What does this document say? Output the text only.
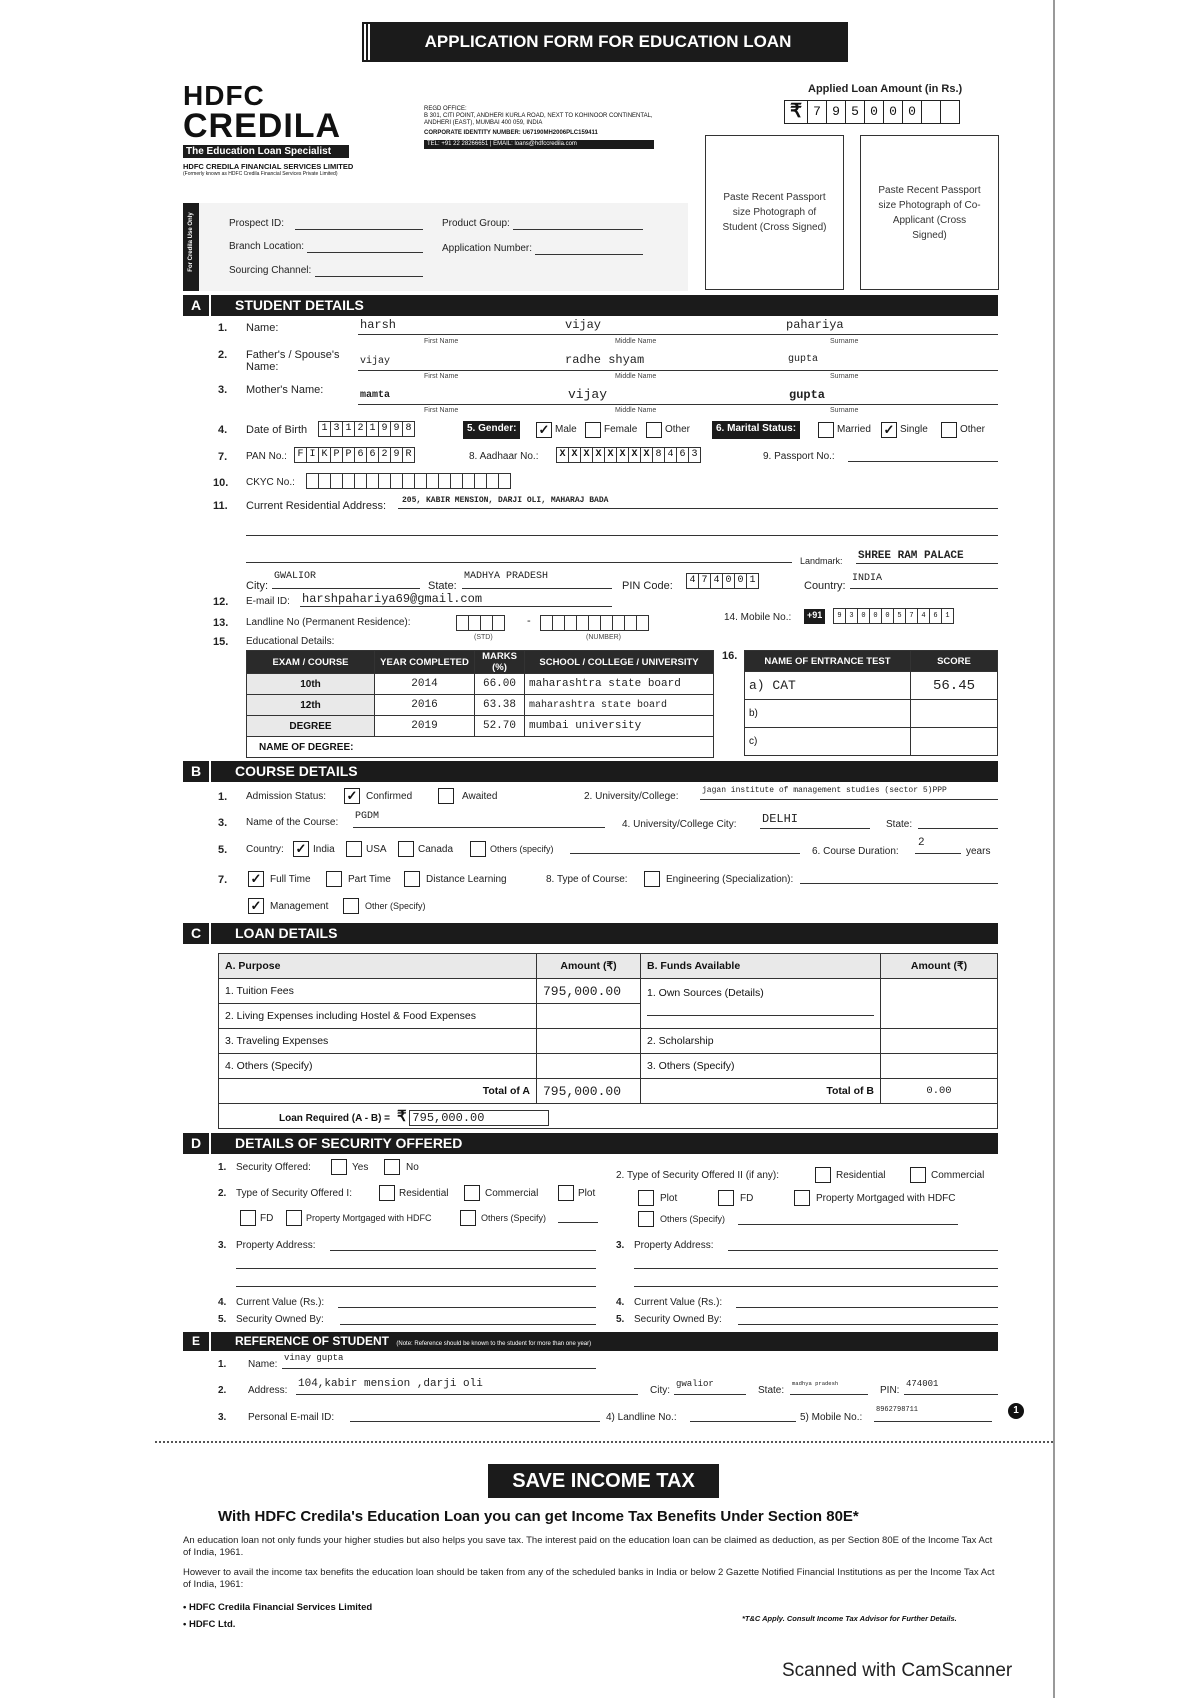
APPLICATION FORM FOR EDUCATION LOAN
HDFC
CREDILA
The Education Loan Specialist
HDFC CREDILA FINANCIAL SERVICES LIMITED
(Formerly known as HDFC Credila Financial Services Private Limited)
REGD OFFICE:
B 301, CITI POINT, ANDHERI KURLA ROAD, NEXT TO KOHINOOR CONTINENTAL, ANDHERI (EAST), MUMBAI 400 059, INDIA
CORPORATE IDENTITY NUMBER: U67190MH2006PLC159411
TEL: +91 22 28266651 | EMAIL: loans@hdfccredila.com
Applied Loan Amount (in Rs.)
₹ 7 9 5 0 0 0
Paste Recent Passport size Photograph of Student (Cross Signed)
Paste Recent Passport size Photograph of Co-Applicant (Cross Signed)
For Credila Use Only	Prospect ID:	Product Group:
Branch Location:	Application Number:
Sourcing Channel:
A STUDENT DETAILS
1. Name:	harsh	vijay	pahariya
First Name	Middle Name	Surname
2. Father's / Spouse's Name:	vijay	radhe shyam	gupta
First Name	Middle Name	Surname
3. Mother's Name:	mamta	vijay	gupta
First Name	Middle Name	Surname
4. Date of Birth	1 3 1 2 1 9 9 8	5. Gender:	✓ Male	Female	Other	6. Marital Status:	Married ✓ Single	Other
7. PAN No.:	F I K P P 6 6 2 9 R	8. Aadhaar No.:	X X X X X X X X 8 4 6 3	9. Passport No.:
10. CKYC No.:
11. Current Residential Address: 205, KABIR MENSION, DARJI OLI, MAHARAJ BADA
Landmark: SHREE RAM PALACE
City:
GWALIOR
State:
MADHYA PRADESH
PIN Code:	4 7 4 0 0 1	Country:
INDIA
12. E-mail ID: harshpahariya69@gmail.com
13. Landline No (Permanent Residence):	-
(STD)	(NUMBER)
14. Mobile No.:	+91	9	3	0	0	0	5	7	4	6	1
15. Educational Details:
EXAM / COURSE	YEAR COMPLETED	MARKS (%)	SCHOOL / COLLEGE / UNIVERSITY
10th	2014	66.00	maharashtra state board
12th	2016	63.38	maharashtra state board
DEGREE	2019	52.70	mumbai university
NAME OF DEGREE:			
16.	NAME OF ENTRANCE TEST	SCORE
a) CAT	56.45
b)	
c)	
B COURSE DETAILS
1. Admission Status: ✓ Confirmed	Awaited	2. University/College:
jagan institute of management studies (sector 5)PPP
3. Name of the Course:
PGDM
4. University/College City: DELHI	State:
5. Country: ✓ India	USA	Canada	Others (specify)	6. Course Duration:
2
years
7. ✓ Full Time	Part Time	Distance Learning	8. Type of Course:	Engineering (Specialization):
✓ Management	Other (Specify)
C LOAN DETAILS
A. Purpose	Amount (₹)	B. Funds Available	Amount (₹)
1. Tuition Fees	795,000.00	1. Own Sources (Details)

2. Living Expenses including Hostel & Food Expenses			
3. Traveling Expenses		2. Scholarship	
4. Others (Specify)		3. Others (Specify)	
Total of A	795,000.00	Total of B	0.00
Loan Required (A - B) = ₹ 795,000.00			
D DETAILS OF SECURITY OFFERED
1. Security Offered:	Yes	No
2. Type of Security Offered I:	Residential	Commercial	Plot
FD	Property Mortgaged with HDFC	Others (Specify)
3. Property Address:
4. Current Value (Rs.):
5. Security Owned By:
2. Type of Security Offered II (if any):	Residential	Commercial
Plot	FD	Property Mortgaged with HDFC
Others (Specify)
3. Property Address:
4. Current Value (Rs.):
5. Security Owned By:
E	REFERENCE OF STUDENT (Note: Reference should be known to the student for more than one year)
1. Name:
vinay gupta
2. Address:
104,kabir mension ,darji oli
City:
gwalior
State:
madhya pradesh
PIN:
474001
3. Personal E-mail ID:	4) Landline No.:	5) Mobile No.:
8962798711	1
SAVE INCOME TAX
With HDFC Credila's Education Loan you can get Income Tax Benefits Under Section 80E*
An education loan not only funds your higher studies but also helps you save tax. The interest paid on the education loan can be claimed as deduction, as per Section 80E of the Income Tax Act of India, 1961.
However to avail the income tax benefits the education loan should be taken from any of the scheduled banks in India or below 2 Gazette Notified Financial Institutions as per the Income Tax Act of India, 1961:
• HDFC Credila Financial Services Limited
• HDFC Ltd.
*T&C Apply. Consult Income Tax Advisor for Further Details.
Scanned with CamScanner
